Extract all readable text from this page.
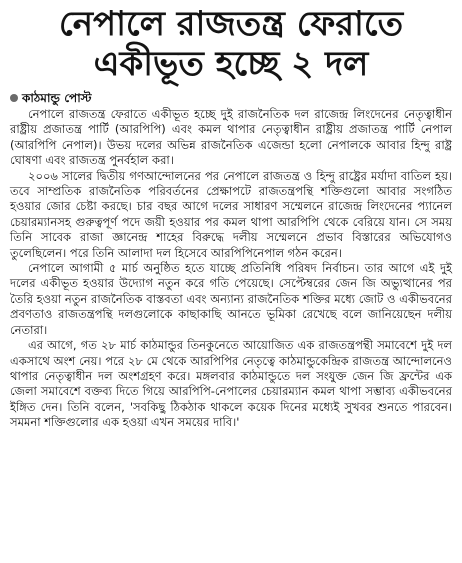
নেপালে রাজতন্ত্র ফেরাতে
একীভূত হচ্ছে ২ দল
কাঠমান্ডু পোস্ট

নেপালে রাজতন্ত্র ফেরাতে একীভূত হচ্ছে দুই রাজনৈতিক দল রাজেন্দ্র লিংদেনের নেতৃত্বাধীন রাষ্ট্রীয় প্রজাতন্ত্র পার্টি (আরপিপি) এবং কমল থাপার নেতৃত্বাধীন রাষ্ট্রীয় প্রজাতন্ত্র পার্টি নেপাল (আরপিপি নেপাল)। উভয় দলের অভিন্ন রাজনৈতিক এজেন্ডা হলো নেপালকে আবার হিন্দু রাষ্ট্র ঘোষণা এবং রাজতন্ত্র পুনর্বহাল করা।

২০০৬ সালের দ্বিতীয় গণআন্দোলনের পর নেপালে রাজতন্ত্র ও হিন্দু রাষ্ট্রের মর্যাদা বাতিল হয়। তবে সাম্প্রতিক রাজনৈতিক পরিবর্তনের প্রেক্ষাপটে রাজতন্ত্রপন্থি শক্তিগুলো আবার সংগঠিত হওয়ার জোর চেষ্টা করছে। চার বছর আগে দলের সাধারণ সম্মেলনে রাজেন্দ্র লিংদেনের প্যানেল চেয়ারম্যানসহ গুরুত্বপূর্ণ পদে জয়ী হওয়ার পর কমল থাপা আরপিপি থেকে বেরিয়ে যান। সে সময় তিনি সাবেক রাজা জ্ঞানেন্দ্র শাহের বিরুদ্ধে দলীয় সম্মেলনে প্রভাব বিস্তারের অভিযোগও তুলেছিলেন। পরে তিনি আলাদা দল হিসেবে আরপিপিনেপাল গঠন করেন।

নেপালে আগামী ৫ মার্চ অনুষ্ঠিত হতে যাচ্ছে প্রতিনিধি পরিষদ নির্বাচন। তার আগে এই দুই দলের একীভূত হওয়ার উদ্যোগ নতুন করে গতি পেয়েছে। সেপ্টেম্বরের জেন জি অভ্যুত্থানের পর তৈরি হওয়া নতুন রাজনৈতিক বাস্তবতা এবং অন্যান্য রাজনৈতিক শক্তির মধ্যে জোট ও একীভবনের প্রবণতাও রাজতন্ত্রপন্থি দলগুলোকে কাছাকাছি আনতে ভূমিকা রেখেছে বলে জানিয়েছেন দলীয় নেতারা।

এর আগে, গত ২৮ মার্চ কাঠমান্ডুর তিনকুনেতে আয়োজিত এক রাজতন্ত্রপন্থী সমাবেশে দুই দল একসাথে অংশ নেয়। পরে ২৮ মে থেকে আরপিপির নেতৃত্বে কাঠমান্ডুকেন্দ্রিক রাজতন্ত্র আন্দোলনেও থাপার নেতৃত্বাধীন দল অংশগ্রহণ করে। মঙ্গলবার কাঠমান্ডুতে দল সংযুক্ত জেন জি ফ্রন্টের এক জেলা সমাবেশে বক্তব্য দিতে গিয়ে আরপিপি-নেপালের চেয়ারম্যান কমল থাপা সম্ভাব্য একীভবনের ইঙ্গিত দেন। তিনি বলেন, 'সবকিছু ঠিকঠাক থাকলে কয়েক দিনের মধ্যেই সুখবর শুনতে পারবেন। সমমনা শক্তিগুলোর এক হওয়া এখন সময়ের দাবি।'
